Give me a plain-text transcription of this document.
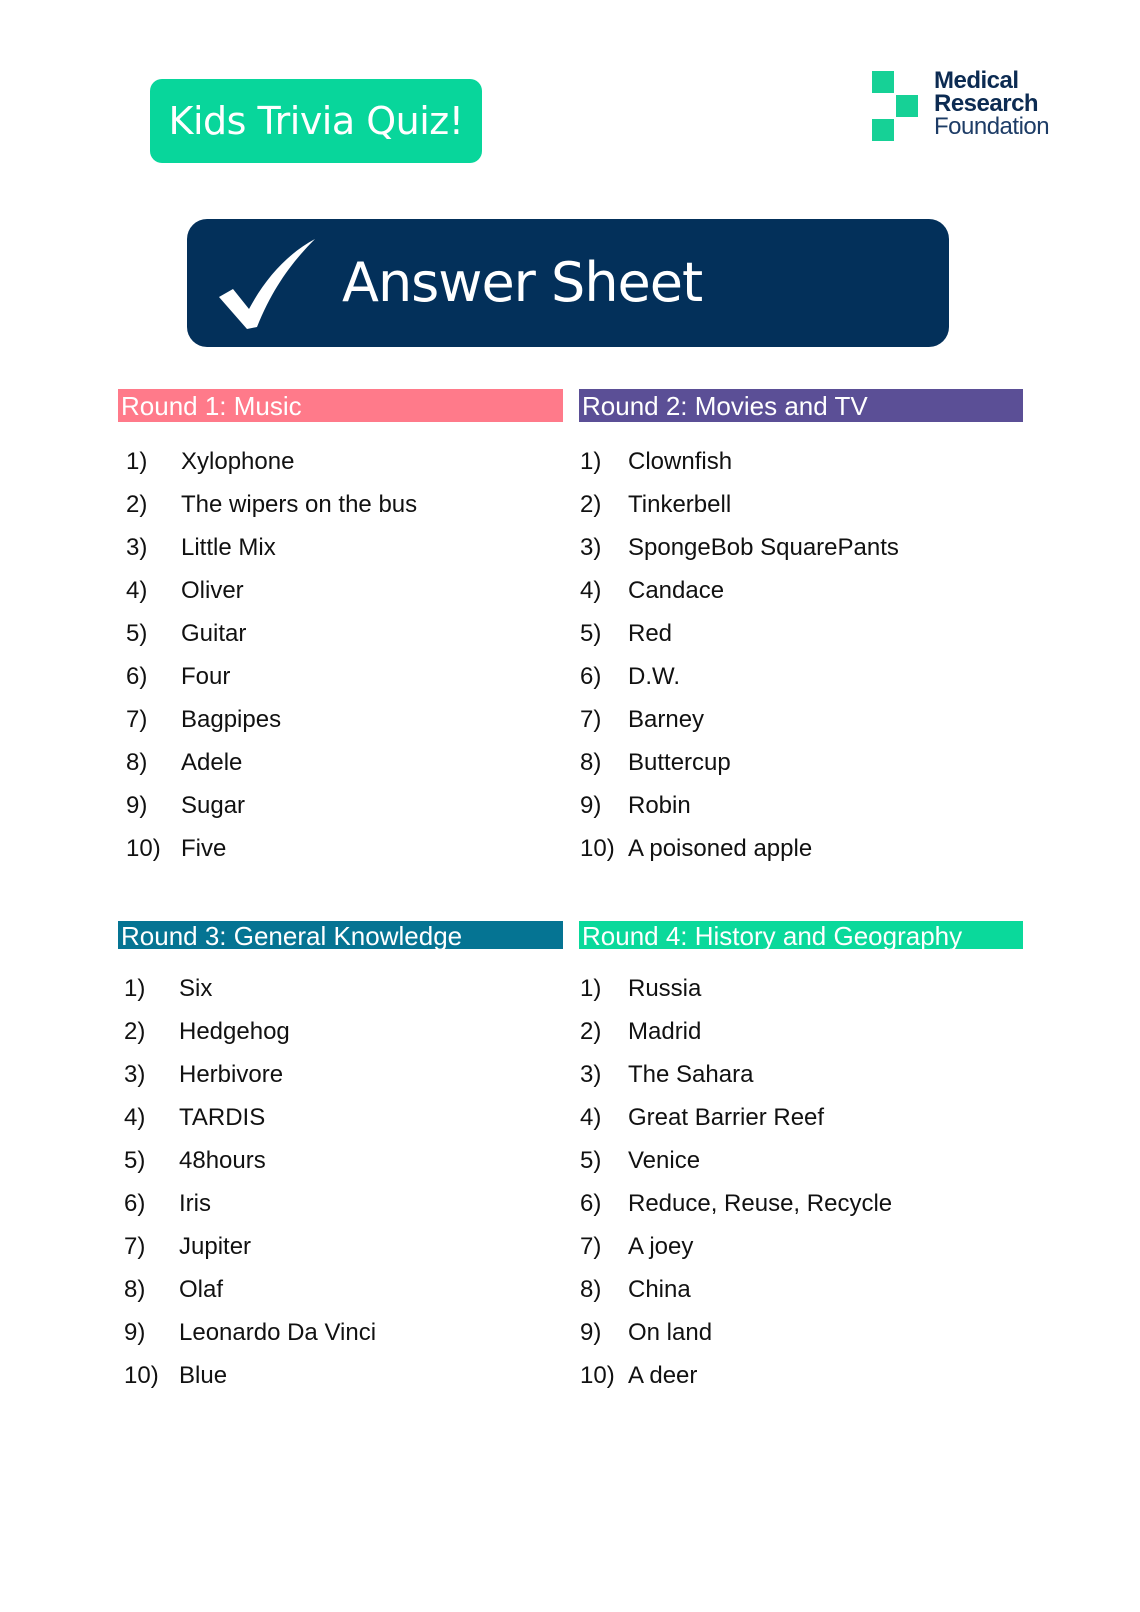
Kids Trivia Quiz!
Medical
Research
Foundation
Answer Sheet
Round 1: Music
1) Xylophone
2) The wipers on the bus
3) Little Mix
4) Oliver
5) Guitar
6) Four
7) Bagpipes
8) Adele
9) Sugar
10) Five
Round 2: Movies and TV
1) Clownfish
2) Tinkerbell
3) SpongeBob SquarePants
4) Candace
5) Red
6) D.W.
7) Barney
8) Buttercup
9) Robin
10) A poisoned apple
Round 3: General Knowledge
1) Six
2) Hedgehog
3) Herbivore
4) TARDIS
5) 48hours
6) Iris
7) Jupiter
8) Olaf
9) Leonardo Da Vinci
10) Blue
Round 4: History and Geography
1) Russia
2) Madrid
3) The Sahara
4) Great Barrier Reef
5) Venice
6) Reduce, Reuse, Recycle
7) A joey
8) China
9) On land
10) A deer
